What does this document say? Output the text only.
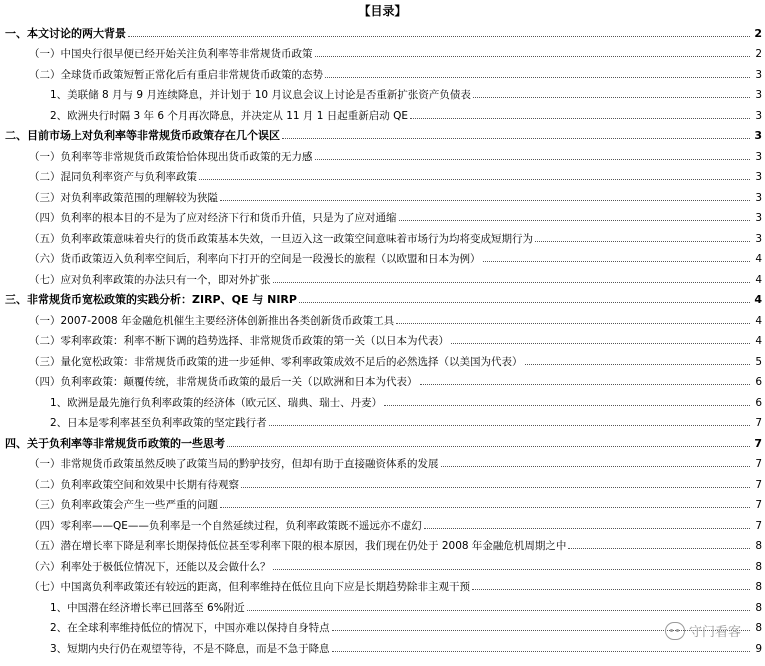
【目录】
一、本文讨论的两大背景	2
（一）中国央行很早便已经开始关注负利率等非常规货币政策	2
（二）全球货币政策短暂正常化后有重启非常规货币政策的态势	3
1、美联储 8 月与 9 月连续降息，并计划于 10 月议息会议上讨论是否重新扩张资产负债表	3
2、欧洲央行时隔 3 年 6 个月再次降息，并决定从 11 月 1 日起重新启动 QE	3
二、目前市场上对负利率等非常规货币政策存在几个误区	3
（一）负利率等非常规货币政策恰恰体现出货币政策的无力感	3
（二）混同负利率资产与负利率政策	3
（三）对负利率政策范围的理解较为狭隘	3
（四）负利率的根本目的不是为了应对经济下行和货币升值，只是为了应对通缩	3
（五）负利率政策意味着央行的货币政策基本失效，一旦迈入这一政策空间意味着市场行为均将变成短期行为	3
（六）货币政策迈入负利率空间后，利率向下打开的空间是一段漫长的旅程（以欧盟和日本为例）	4
（七）应对负利率政策的办法只有一个，即对外扩张	4
三、非常规货币宽松政策的实践分析：ZIRP、QE 与 NIRP	4
（一）2007-2008 年金融危机催生主要经济体创新推出各类创新货币政策工具	4
（二）零利率政策：利率不断下调的趋势选择、非常规货币政策的第一关（以日本为代表）	4
（三）量化宽松政策：非常规货币政策的进一步延伸、零利率政策成效不足后的必然选择（以美国为代表）	5
（四）负利率政策：颠覆传统，非常规货币政策的最后一关（以欧洲和日本为代表）	6
1、欧洲是最先施行负利率政策的经济体（欧元区、瑞典、瑞士、丹麦）	6
2、日本是零利率甚至负利率政策的坚定践行者	7
四、关于负利率等非常规货币政策的一些思考	7
（一）非常规货币政策虽然反映了政策当局的黔驴技穷，但却有助于直接融资体系的发展	7
（二）负利率政策空间和效果中长期有待观察	7
（三）负利率政策会产生一些严重的问题	7
（四）零利率——QE——负利率是一个自然延续过程，负利率政策既不遥远亦不虚幻	7
（五）潜在增长率下降是利率长期保持低位甚至零利率下限的根本原因，我们现在仍处于 2008 年金融危机周期之中	8
（六）利率处于极低位情况下，还能以及会做什么？	8
（七）中国离负利率政策还有较远的距离，但利率维持在低位且向下应是长期趋势除非主观干预	8
1、中国潜在经济增长率已回落至 6%附近	8
2、在全球利率维持低位的情况下，中国亦难以保持自身特点	8
3、短期内央行仍在观望等待，不是不降息，而是不急于降息	9
守门看客
